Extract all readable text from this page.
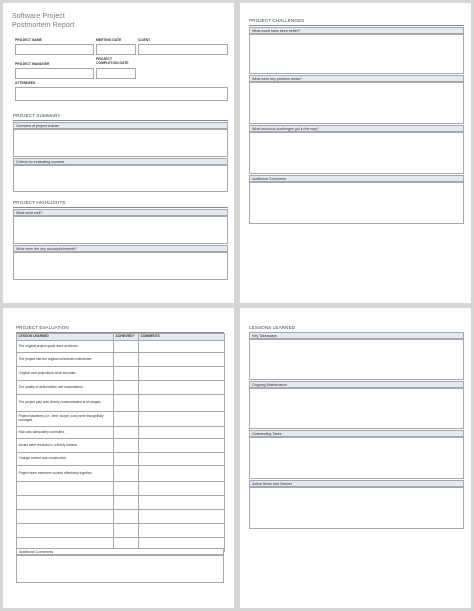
Software Project
Postmortem Report
PROJECT NAME	MEETING DATE	CLIENT
PROJECT MANAGER
PROJECT
COMPLETION DATE
ATTENDEES
PROJECT SUMMARY
Overview of project charter
Criteria for evaluating success
PROJECT HIGHLIGHTS
What went well?
What were the key accomplishments?
PROJECT CHALLENGES
What could have been better?
What were key problem areas?
What technical challenges got in the way?
Additional Comments
PROJECT EVALUATION
LESSON LEARNED	ACHIEVED?	COMMENTS
The original project goals were achieved.		
The project met the original scheduled milestones.		
Original cost projections were accurate.		
The quality of deliverables met expectations.		
The project plan was clearly communicated at all stages.		
Project baselines (i.e., time, scope, cost) were thoughtfully managed.		
Risk was adequately controlled.		
Issues were resolved in a timely manner.		
Change control was constructive.		
Project team members worked effectively together.		

Additional Comments
LESSONS LEARNED
Key Takeaways
Ongoing Maintenance
Outstanding Tasks
Action Items and Owners
